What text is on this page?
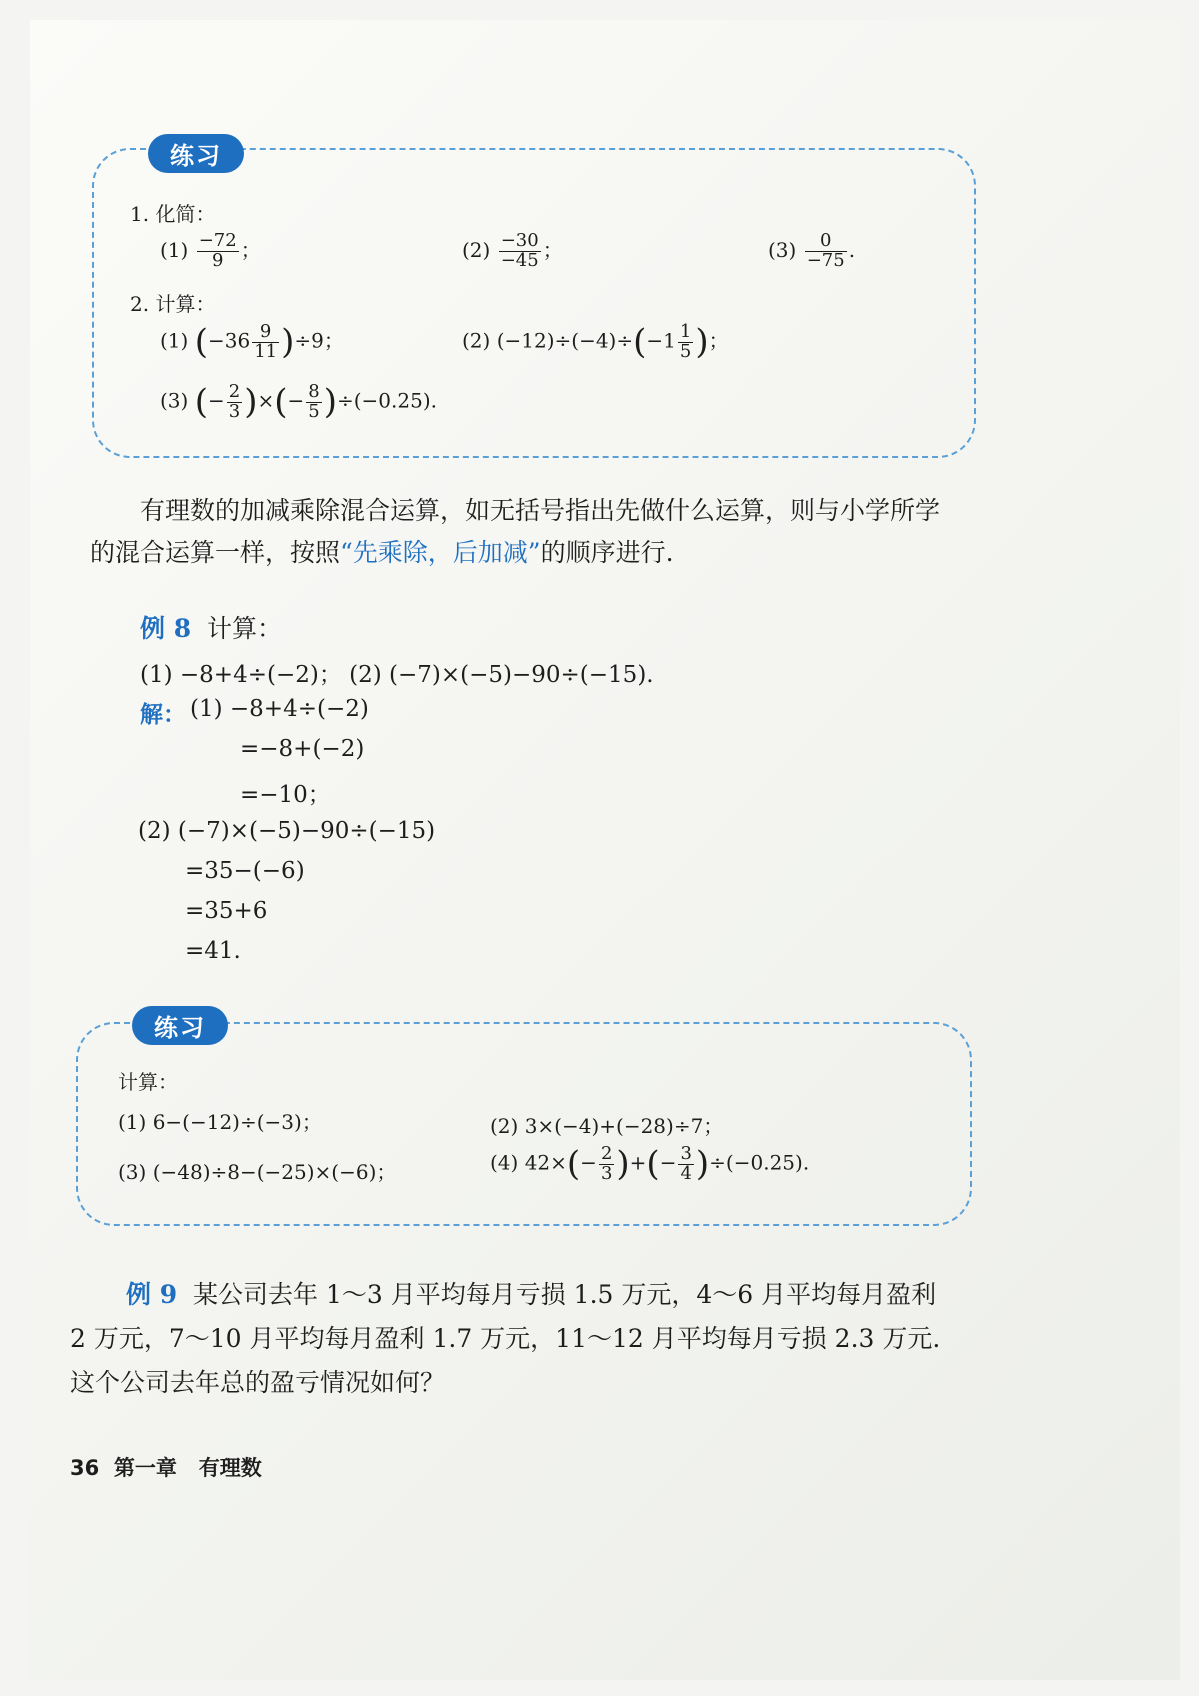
练习
1. 化简：
$(1) \frac{-72}{9}$ ；	$(2) \frac{-30}{-45}$ ；	$(3) \frac{0}{-75}$ .
2. 计算：
(1) $(-36 \frac{9}{11} )\div 9$；	(2) $(-12)\div(-4)\div(-1 \frac{1}{5}$ )；
(3) (− $\frac{2}{3}$ )×(− $\frac{8}{5} )\div(-0.25)$.
有理数的加减乘除混合运算，如无括号指出先做什么运算，则与小学所学
的混合运算一样，按照“先乘除，后加减”的顺序进行.
例 8 计算：
(1) −8+4÷(−2)； (2) (−7)×(−5)−90÷(−15).
解： (1) −8+4÷(−2)
=−8+(−2)
=−10；
(2) (−7)×(−5)−90÷(−15)
=35−(−6)
=35+6
=41.
练习
计算：
(1) 6−(−12)÷(−3)；	(2) 3×(−4)+(−28)÷7；
(3) (−48)÷8−(−25)×(−6)；	(4) $42\times(- \frac{2}{3}$ )+(− $\frac{3}{4} )\div(-0.25)$.
例 9 某公司去年 1～3 月平均每月亏损 1.5 万元，4～6 月平均每月盈利
2 万元，7～10 月平均每月盈利 1.7 万元，11～12 月平均每月亏损 2.3 万元.
这个公司去年总的盈亏情况如何？
36 第一章 有理数
